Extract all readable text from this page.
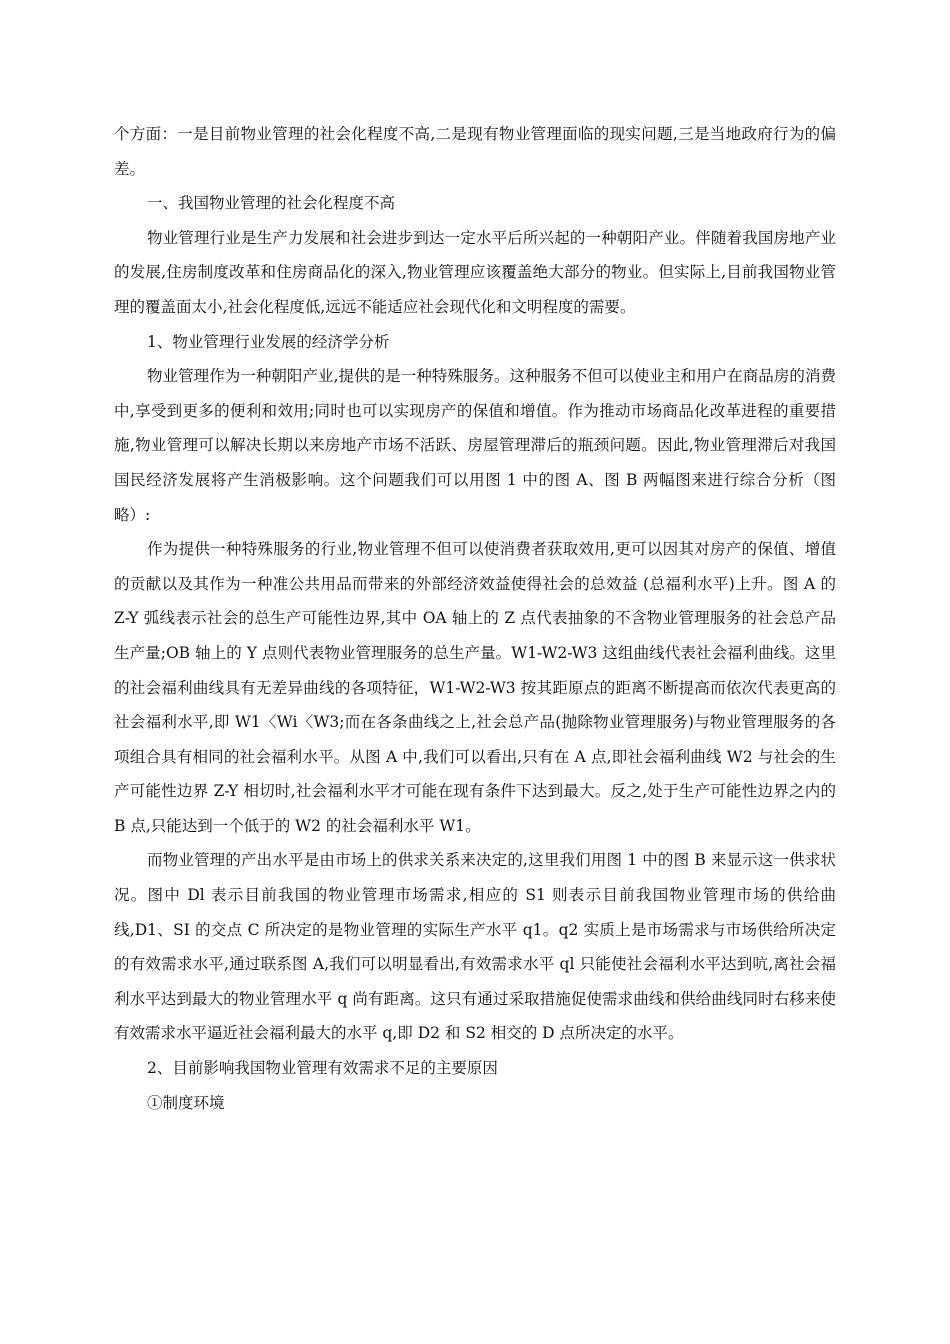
个方面：一是目前物业管理的社会化程度不高,二是现有物业管理面临的现实问题,三是当地政府行为的偏差。

一、我国物业管理的社会化程度不高

物业管理行业是生产力发展和社会进步到达一定水平后所兴起的一种朝阳产业。伴随着我国房地产业的发展,住房制度改革和住房商品化的深入,物业管理应该覆盖绝大部分的物业。但实际上,目前我国物业管理的覆盖面太小,社会化程度低,远远不能适应社会现代化和文明程度的需要。

1、物业管理行业发展的经济学分析

物业管理作为一种朝阳产业,提供的是一种特殊服务。这种服务不但可以使业主和用户在商品房的消费中,享受到更多的便利和效用;同时也可以实现房产的保值和增值。作为推动市场商品化改革进程的重要措施,物业管理可以解决长期以来房地产市场不活跃、房屋管理滞后的瓶颈问题。因此,物业管理滞后对我国国民经济发展将产生消极影响。这个问题我们可以用图 1 中的图 A、图 B 两幅图来进行综合分析（图略）:

作为提供一种特殊服务的行业,物业管理不但可以使消费者获取效用,更可以因其对房产的保值、增值的贡献以及其作为一种准公共用品而带来的外部经济效益使得社会的总效益 (总福利水平)上升。图 A 的 Z-Y 弧线表示社会的总生产可能性边界,其中 OA 轴上的 Z 点代表抽象的不含物业管理服务的社会总产品生产量;OB 轴上的 Y 点则代表物业管理服务的总生产量。W1-W2-W3 这组曲线代表社会福利曲线。这里的社会福利曲线具有无差异曲线的各项特征，W1-W2-W3 按其距原点的距离不断提高而依次代表更高的社会福利水平,即 W1〈Wi〈W3;而在各条曲线之上,社会总产品(抛除物业管理服务)与物业管理服务的各项组合具有相同的社会福利水平。从图 A 中,我们可以看出,只有在 A 点,即社会福利曲线 W2 与社会的生产可能性边界 Z-Y 相切时,社会福利水平才可能在现有条件下达到最大。反之,处于生产可能性边界之内的 B 点,只能达到一个低于的 W2 的社会福利水平 W1。

而物业管理的产出水平是由市场上的供求关系来决定的,这里我们用图 1 中的图 B 来显示这一供求状况。图中 Dl 表示目前我国的物业管理市场需求,相应的 S1 则表示目前我国物业管理市场的供给曲线,D1、SI 的交点 C 所决定的是物业管理的实际生产水平 q1。q2 实质上是市场需求与市场供给所决定的有效需求水平,通过联系图 A,我们可以明显看出,有效需求水平 ql 只能使社会福利水平达到吭,离社会福利水平达到最大的物业管理水平 q 尚有距离。这只有通过采取措施促使需求曲线和供给曲线同时右移来使有效需求水平逼近社会福利最大的水平 q,即 D2 和 S2 相交的 D 点所决定的水平。

2、目前影响我国物业管理有效需求不足的主要原因

①制度环境
